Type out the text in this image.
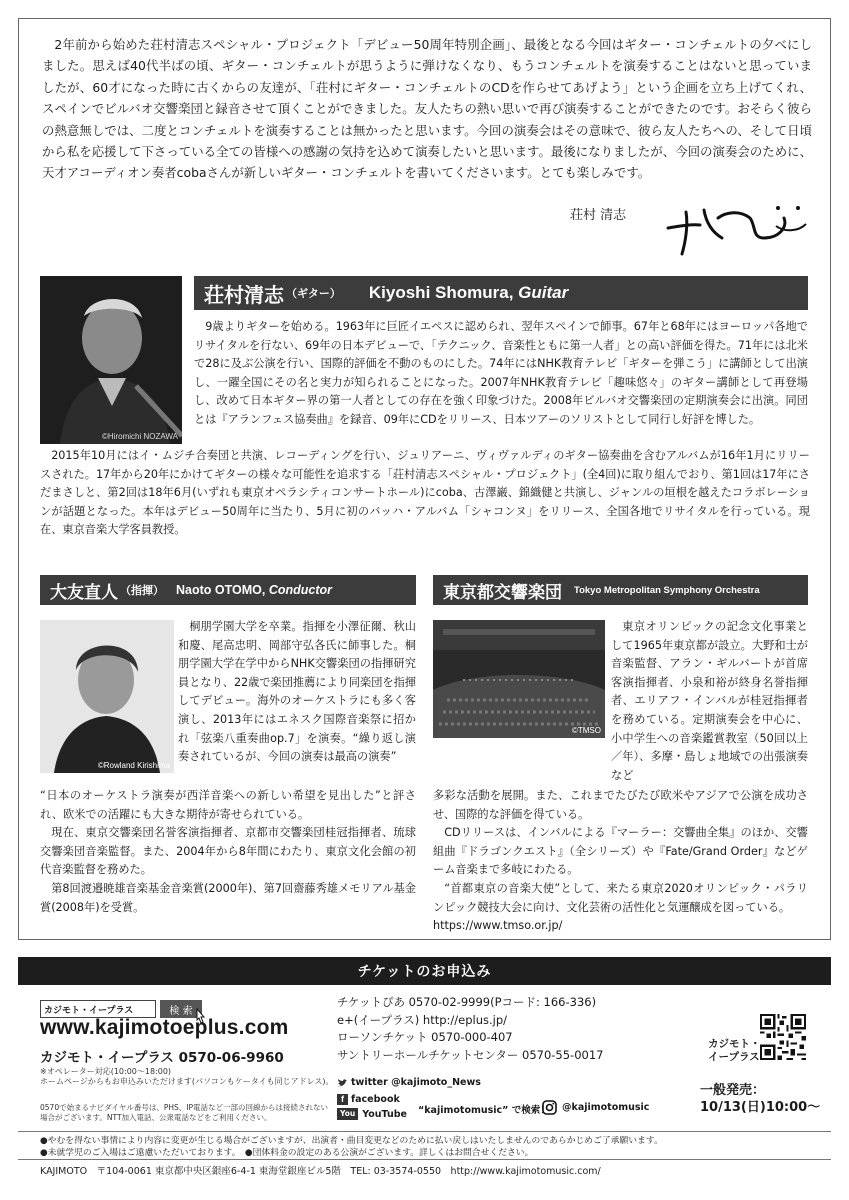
2年前から始めた荘村清志スペシャル・プロジェクト「デビュー50周年特別企画」、最後となる今回はギター・コンチェルトの夕べにしました。思えば40代半ばの頃、ギター・コンチェルトが思うように弾けなくなり、もうコンチェルトを演奏することはないと思っていましたが、60才になった時に古くからの友達が、「荘村にギター・コンチェルトのCDを作らせてあげよう」という企画を立ち上げてくれ、スペインでビルバオ交響楽団と録音させて頂くことができました。友人たちの熱い思いで再び演奏することができたのです。おそらく彼らの熱意無しでは、二度とコンチェルトを演奏することは無かったと思います。今回の演奏会はその意味で、彼ら友人たちへの、そして日頃から私を応援して下さっている全ての皆様への感謝の気持を込めて演奏したいと思います。最後になりましたが、今回の演奏会のために、天才アコーディオン奏者cobaさんが新しいギター・コンチェルトを書いてくださいます。とても楽しみです。
荘村 清志
©Hiromichi NOZAWA
荘村清志 （ギター） Kiyoshi Shomura, Guitar

9歳よりギターを始める。1963年に巨匠イエペスに認められ、翌年スペインで師事。67年と68年にはヨーロッパ各地でリサイタルを行ない、69年の日本デビューで、「テクニック、音楽性ともに第一人者」との高い評価を得た。71年には北米で28に及ぶ公演を行い、国際的評価を不動のものにした。74年にはNHK教育テレビ「ギターを弾こう」に講師として出演し、一躍全国にその名と実力が知られることになった。2007年NHK教育テレビ「趣味悠々」のギター講師として再登場し、改めて日本ギター界の第一人者としての存在を強く印象づけた。2008年ビルバオ交響楽団の定期演奏会に出演。同団とは『アランフェス協奏曲』を録音、09年にCDをリリース、日本ツアーのソリストとして同行し好評を博した。

2015年10月にはイ・ムジチ合奏団と共演、レコーディングを行い、ジュリアーニ、ヴィヴァルディのギター協奏曲を含むアルバムが16年1月にリリースされた。17年から20年にかけてギターの様々な可能性を追求する「荘村清志スペシャル・プロジェクト」(全4回)に取り組んでおり、第1回は17年にさだまさしと、第2回は18年6月(いずれも東京オペラシティコンサートホール)にcoba、古澤巌、錦織健と共演し、ジャンルの垣根を越えたコラボレーションが話題となった。本年はデビュー50周年に当たり、5月に初のバッハ・アルバム「シャコンヌ」をリリース、全国各地でリサイタルを行っている。現在、東京音楽大学客員教授。

大友直人 （指揮） Naoto OTOMO, Conductor
©Rowland Kirishima

桐朋学園大学を卒業。指揮を小澤征爾、秋山和慶、尾高忠明、岡部守弘各氏に師事した。桐朋学園大学在学中からNHK交響楽団の指揮研究員となり、22歳で楽団推薦により同楽団を指揮してデビュー。海外のオーケストラにも多く客演し、2013年にはエネスク国際音楽祭に招かれ「弦楽八重奏曲op.7」を演奏。“繰り返し演奏されているが、今回の演奏は最高の演奏”

“日本のオーケストラ演奏が西洋音楽への新しい希望を見出した”と評され、欧米での活躍にも大きな期待が寄せられている。

現在、東京交響楽団名誉客演指揮者、京都市交響楽団桂冠指揮者、琉球交響楽団音楽監督。また、2004年から8年間にわたり、東京文化会館の初代音楽監督を務めた。

第8回渡邉暁雄音楽基金音楽賞(2000年)、第7回齋藤秀雄メモリアル基金賞(2008年)を受賞。

東京都交響楽団 Tokyo Metropolitan Symphony Orchestra
©TMSO

東京オリンピックの記念文化事業として1965年東京都が設立。大野和士が音楽監督、アラン・ギルバートが首席客演指揮者、小泉和裕が終身名誉指揮者、エリアフ・インバルが桂冠指揮者を務めている。定期演奏会を中心に、小中学生への音楽鑑賞教室（50回以上／年）、多摩・島しょ地域での出張演奏など

多彩な活動を展開。また、これまでたびたび欧米やアジアで公演を成功させ、国際的な評価を得ている。

CDリリースは、インバルによる『マーラー：交響曲全集』のほか、交響組曲『ドラゴンクエスト』（全シリーズ）や『Fate/Grand Order』などゲーム音楽まで多岐にわたる。

“首都東京の音楽大使”として、来たる東京2020オリンピック・パラリンピック競技大会に向け、文化芸術の活性化と気運醸成を図っている。

https://www.tmso.or.jp/

チケットのお申込み
カジモト・イープラス
検 索
www.kajimotoeplus.com
カジモト・イープラス 0570-06-9960
※オペレーター対応(10:00〜18:00)
ホームページからもお申込みいただけます(パソコンもケータイも同じアドレス)。
0570で始まるナビダイヤル番号は、PHS、IP電話など一部の回線からは接続されない
場合がございます。NTT加入電話、公衆電話などをご利用ください。
チケットぴあ 0570-02-9999(Pコード: 166-336)
e+(イープラス) http://eplus.jp/
ローソンチケット 0570-000-407
サントリーホールチケットセンター 0570-55-0017
twitter @kajimoto_News
f facebook
You YouTube “kajimotomusic” で検索！ @kajimotomusic
カジモト・
イープラス
一般発売：
10/13(日)10:00〜
●やむを得ない事情により内容に変更が生じる場合がございますが、出演者・曲目変更などのために払い戻しはいたしませんのであらかじめご了承願います。
●未就学児のご入場はご遠慮いただいております。　●団体料金の設定のある公演がございます。詳しくはお問合せください。
KAJIMOTO　〒104-0061 東京都中央区銀座6-4-1 東海堂銀座ビル5階　TEL: 03-3574-0550　http://www.kajimotomusic.com/
